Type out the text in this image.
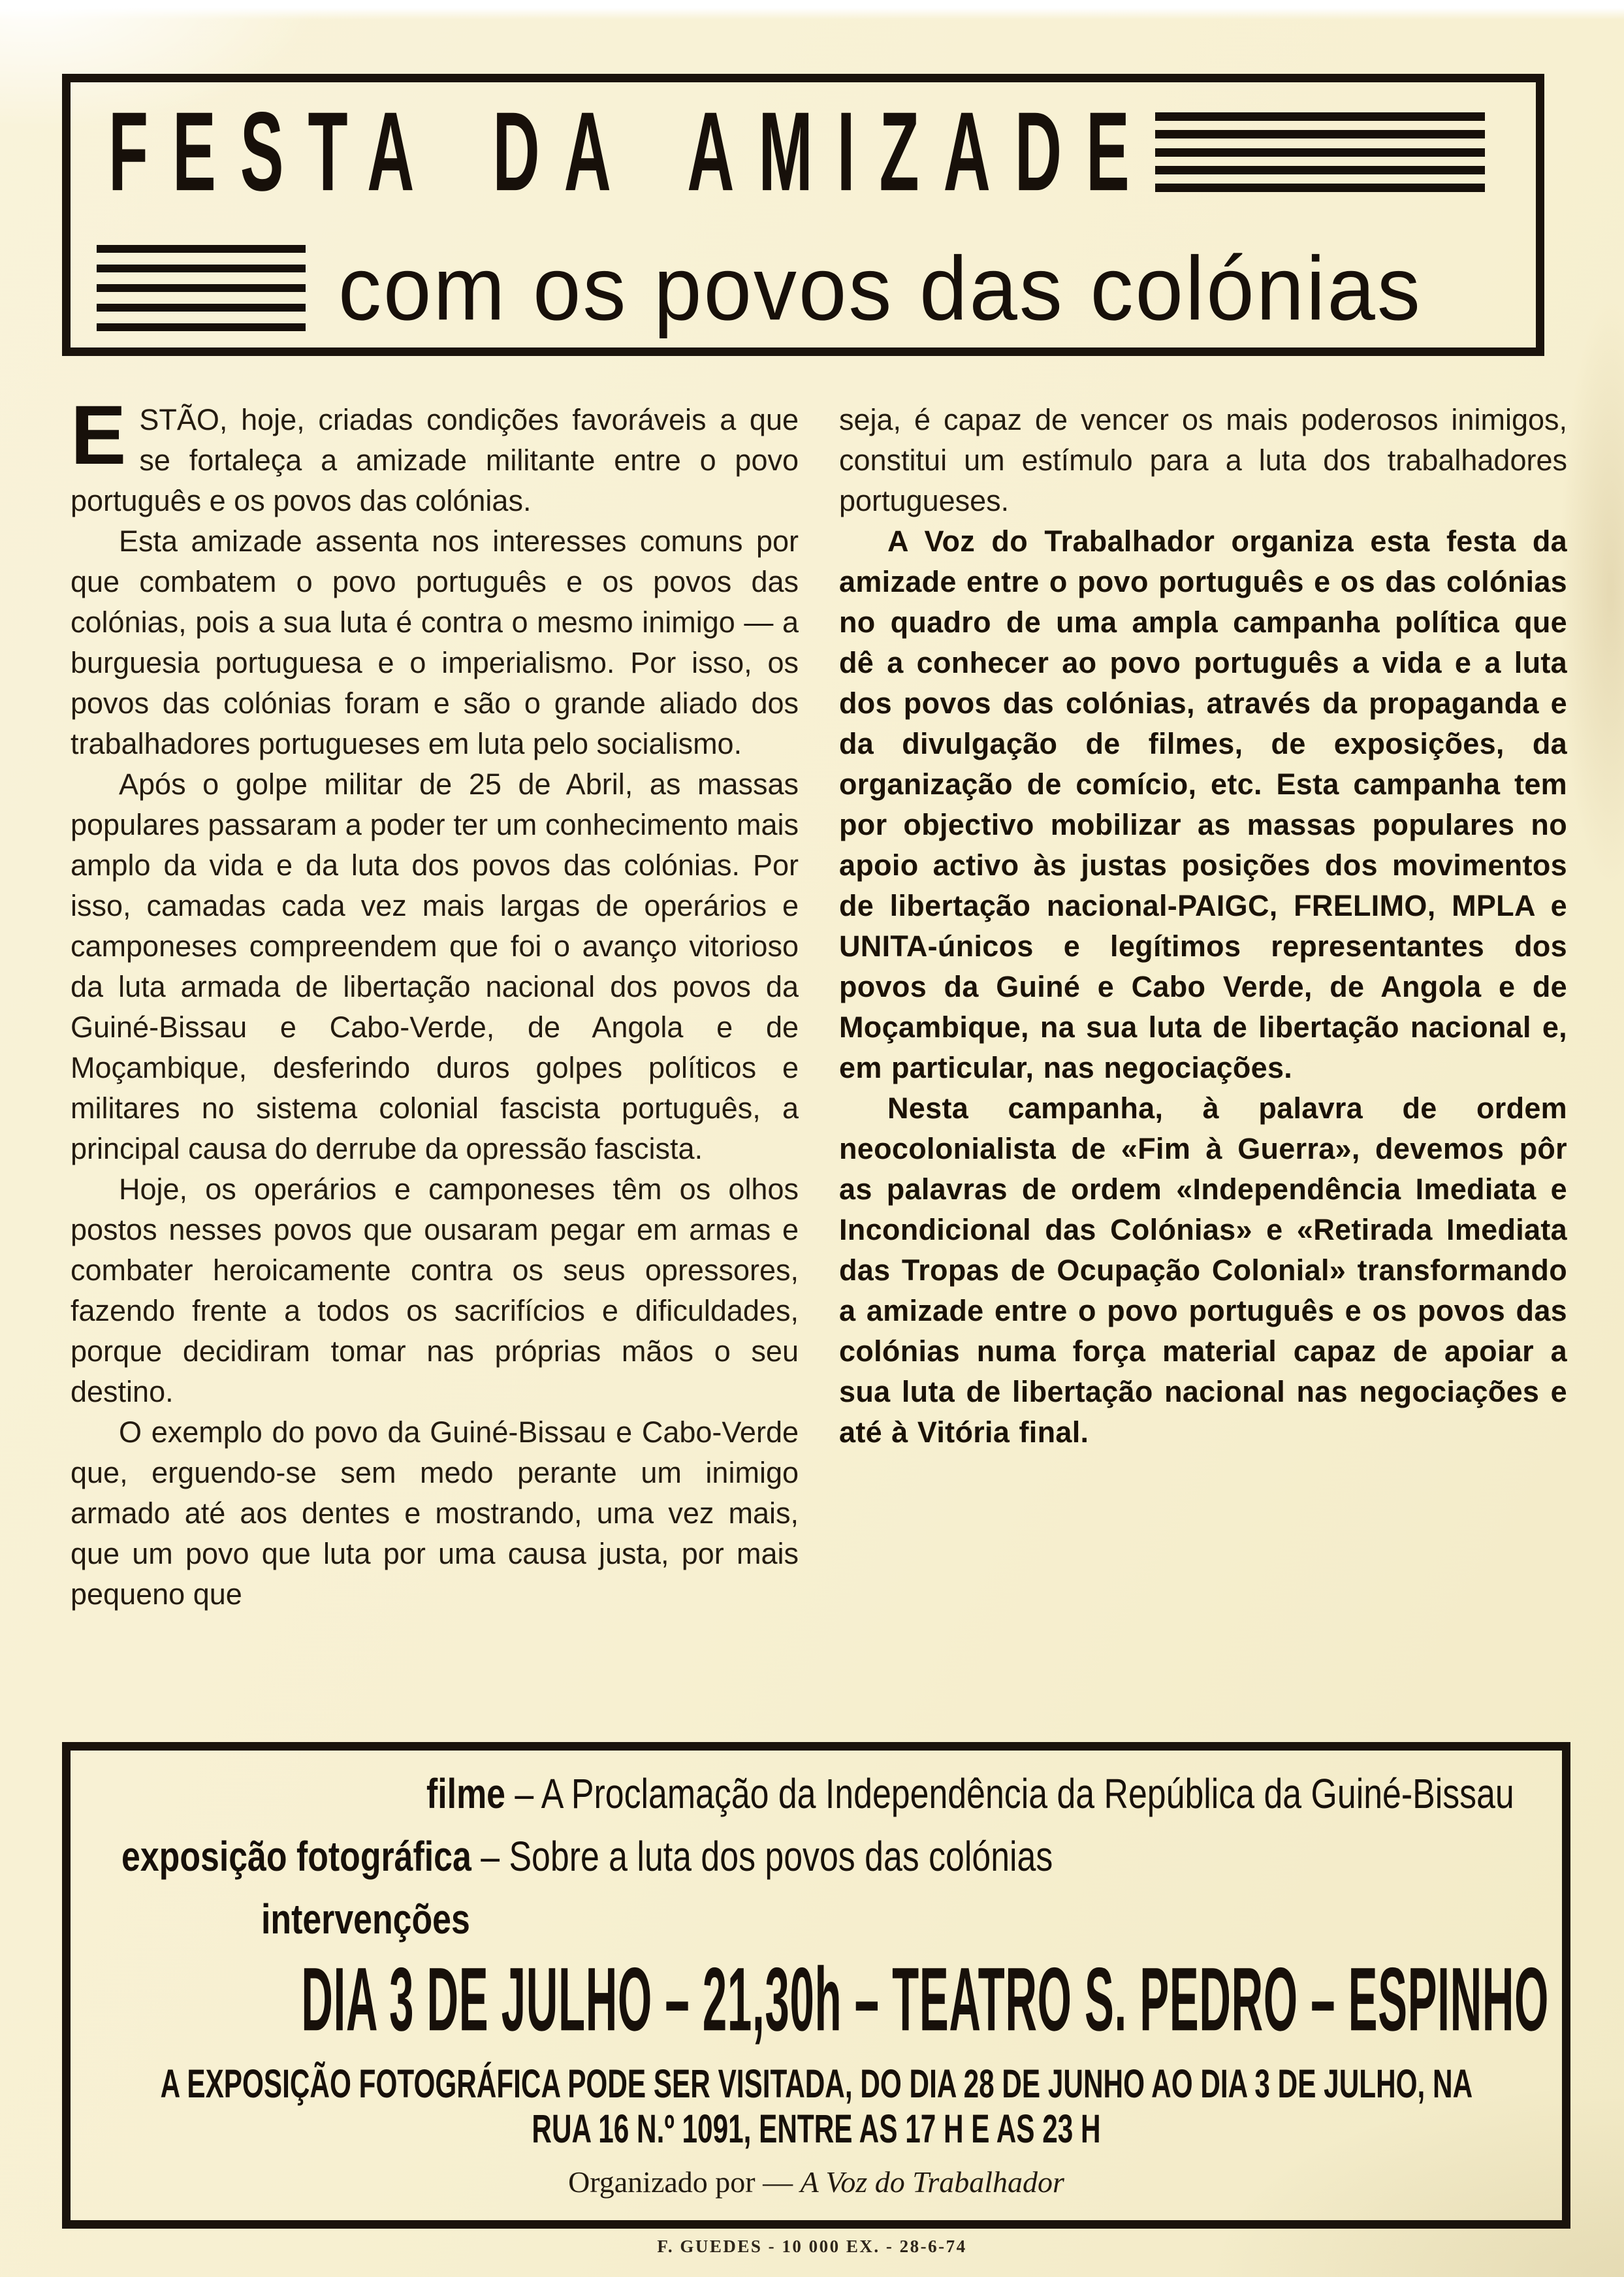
FESTA DA AMIZADE
com os povos das colónias

ESTÃO, hoje, criadas condições favoráveis a que se fortaleça a amizade militante entre o povo português e os povos das colónias.

Esta amizade assenta nos interesses comuns por que combatem o povo português e os povos das colónias, pois a sua luta é contra o mesmo inimigo — a burguesia portuguesa e o imperialismo. Por isso, os povos das colónias foram e são o grande aliado dos trabalhadores portugueses em luta pelo socialismo.

Após o golpe militar de 25 de Abril, as massas populares passaram a poder ter um conhecimento mais amplo da vida e da luta dos povos das colónias. Por isso, camadas cada vez mais largas de operários e camponeses compreendem que foi o avanço vitorioso da luta armada de libertação nacional dos povos da Guiné-Bissau e Cabo-Verde, de Angola e de Moçambique, desferindo duros golpes políticos e militares no sistema colonial fascista português, a principal causa do derrube da opressão fascista.

Hoje, os operários e camponeses têm os olhos postos nesses povos que ousaram pegar em armas e combater heroicamente contra os seus opressores, fazendo frente a todos os sacrifícios e dificuldades, porque decidiram tomar nas próprias mãos o seu destino.

O exemplo do povo da Guiné-Bissau e Cabo-Verde que, erguendo-se sem medo perante um inimigo armado até aos dentes e mostrando, uma vez mais, que um povo que luta por uma causa justa, por mais pequeno que

seja, é capaz de vencer os mais poderosos inimigos, constitui um estímulo para a luta dos trabalhadores portugueses.

A Voz do Trabalhador organiza esta festa da amizade entre o povo português e os das colónias no quadro de uma ampla campanha política que dê a conhecer ao povo português a vida e a luta dos povos das colónias, através da propaganda e da divulgação de filmes, de exposições, da organização de comício, etc. Esta campanha tem por objectivo mobilizar as massas populares no apoio activo às justas posições dos movimentos de libertação nacional-PAIGC, FRELIMO, MPLA e UNITA-únicos e legítimos representantes dos povos da Guiné e Cabo Verde, de Angola e de Moçambique, na sua luta de libertação nacional e, em particular, nas negociações.

Nesta campanha, à palavra de ordem neocolonialista de «Fim à Guerra», devemos pôr as palavras de ordem «Independência Imediata e Incondicional das Colónias» e «Retirada Imediata das Tropas de Ocupação Colonial» transformando a amizade entre o povo português e os povos das colónias numa força material capaz de apoiar a sua luta de libertação nacional nas negociações e até à Vitória final.

filme – A Proclamação da Independência da República da Guiné-Bissau
exposição fotográfica – Sobre a luta dos povos das colónias
intervenções
DIA 3 DE JULHO – 21,30h – TEATRO S. PEDRO – ESPINHO
A EXPOSIÇÃO FOTOGRÁFICA PODE SER VISITADA, DO DIA 28 DE JUNHO AO DIA 3 DE JULHO, NA
RUA 16 N.º 1091, ENTRE AS 17 H E AS 23 H
Organizado por — A Voz do Trabalhador
F. GUEDES - 10 000 EX. - 28-6-74
